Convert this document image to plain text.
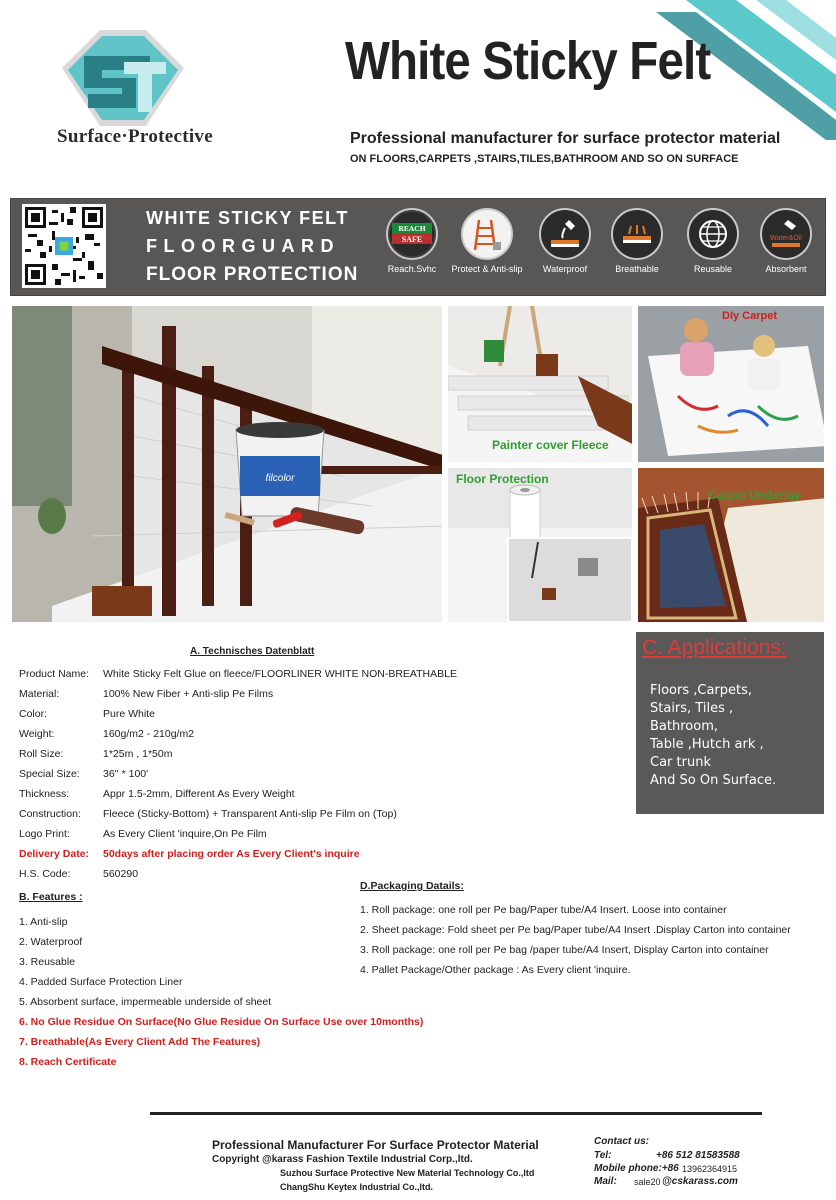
Surface·Protective
White Sticky Felt
Professional manufacturer for surface protector material
ON FLOORS,CARPETS ,STAIRS,TILES,BATHROOM AND SO ON SURFACE
WHITE STICKY FELT
FLOORGUARD
FLOOR PROTECTION
REACH
SAFE
Reach.Svhc	Protect & Anti-slip	Waterproof	Breathable	Reusable
Water&Oil
Absorbent
filcolor
Painter cover Fleece
DIy Carpet
Floor Protection
Carpet Underlay
A. Technisches Datenblatt
Product Name: White Sticky Felt Glue on fleece/FLOORLINER WHITE NON-BREATHABLE
Material:	100% New Fiber + Anti-slip Pe Films
Color:	Pure White
Weight:	160g/m2 - 210g/m2
Roll Size:	1*25m , 1*50m
Special Size: 36'' * 100'
Thickness:	Appr 1.5-2mm, Different As Every Weight
Construction: Fleece (Sticky-Bottom) + Transparent Anti-slip Pe Film on (Top)
Logo Print:	As Every Client 'inquire,On Pe Film
Delivery Date: 50days after placing order As Every Client's inquire
H.S. Code:	560290
C. Applications:
Floors ,Carpets,
Stairs, Tiles ,
Bathroom,
Table ,Hutch ark ,
Car trunk
And So On Surface.
B. Features :
1. Anti-slip
2. Waterproof
3. Reusable
4. Padded Surface Protection Liner
5. Absorbent surface, impermeable underside of sheet
6. No Glue Residue On Surface(No Glue Residue On Surface Use over 10months)
7. Breathable(As Every Client Add The Features)
8. Reach Certificate
D.Packaging Datails:
1. Roll package: one roll per Pe bag/Paper tube/A4 Insert. Loose into container
2. Sheet package: Fold sheet per Pe bag/Paper tube/A4 Insert .Display Carton into container
3. Roll package: one roll per Pe bag /paper tube/A4 Insert, Display Carton into container
4. Pallet Package/Other package : As Every client 'inquire.
Professional Manufacturer For Surface Protector Material
Copyright @karass Fashion Textile Industrial Corp.,ltd.
Suzhou Surface Protective New Material Technology Co.,ltd
ChangShu Keytex Industrial Co.,ltd.
Contact us:
Tel:	+86 512 81583588
Mobile phone:+86 13962364915
Mail: sale20 @cskarass.com
